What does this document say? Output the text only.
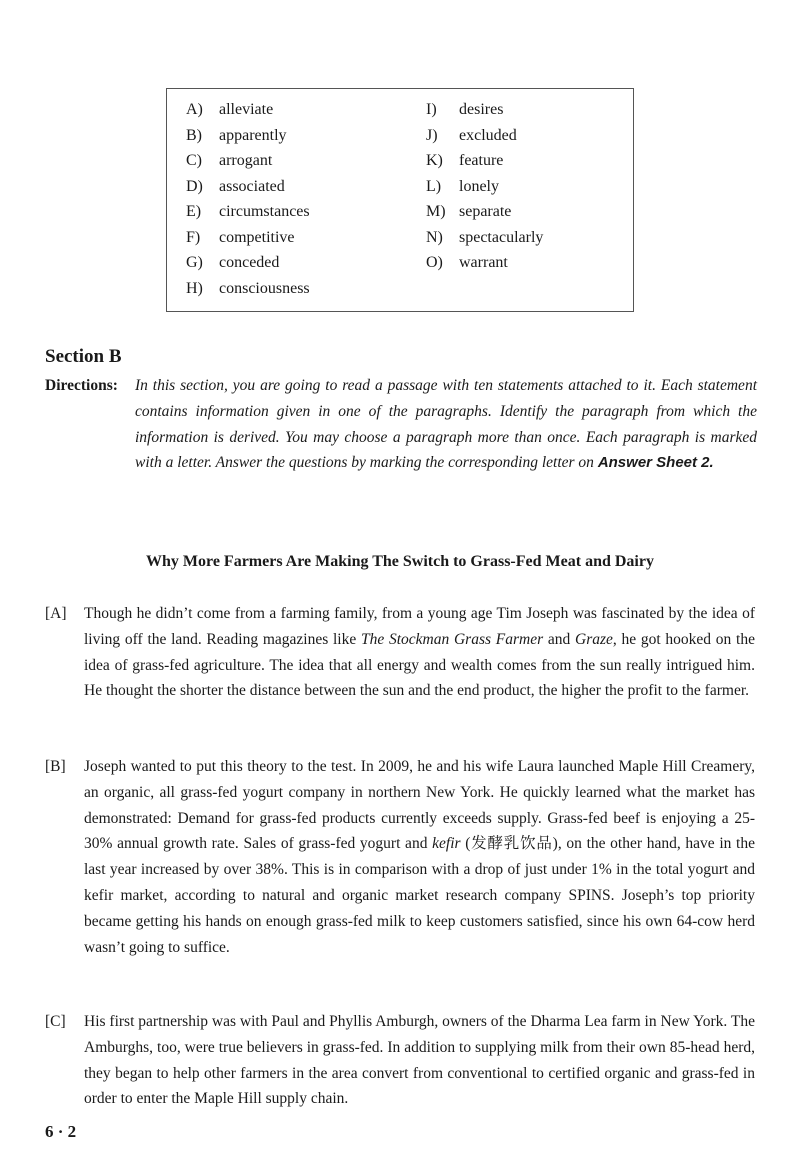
A) alleviate
B) apparently
C) arrogant
D) associated
E) circumstances
F) competitive
G) conceded
H) consciousness
I) desires
J) excluded
K) feature
L) lonely
M) separate
N) spectacularly
O) warrant
Section B
Directions: In this section, you are going to read a passage with ten statements attached to it. Each statement contains information given in one of the paragraphs. Identify the paragraph from which the information is derived. You may choose a paragraph more than once. Each paragraph is marked with a letter. Answer the questions by marking the corresponding letter on Answer Sheet 2.
Why More Farmers Are Making The Switch to Grass-Fed Meat and Dairy
[A] Though he didn’t come from a farming family, from a young age Tim Joseph was fascinated by the idea of living off the land. Reading magazines like The Stockman Grass Farmer and Graze, he got hooked on the idea of grass-fed agriculture. The idea that all energy and wealth comes from the sun really intrigued him. He thought the shorter the distance between the sun and the end product, the higher the profit to the farmer.
[B] Joseph wanted to put this theory to the test. In 2009, he and his wife Laura launched Maple Hill Creamery, an organic, all grass-fed yogurt company in northern New York. He quickly learned what the market has demonstrated: Demand for grass-fed products currently exceeds supply. Grass-fed beef is enjoying a 25-30% annual growth rate. Sales of grass-fed yogurt and kefir (发酵乳饮品), on the other hand, have in the last year increased by over 38%. This is in comparison with a drop of just under 1% in the total yogurt and kefir market, according to natural and organic market research company SPINS. Joseph’s top priority became getting his hands on enough grass-fed milk to keep customers satisfied, since his own 64-cow herd wasn’t going to suffice.
[C] His first partnership was with Paul and Phyllis Amburgh, owners of the Dharma Lea farm in New York. The Amburghs, too, were true believers in grass-fed. In addition to supplying milk from their own 85-head herd, they began to help other farmers in the area convert from conventional to certified organic and grass-fed in order to enter the Maple Hill supply chain.
6 · 2
